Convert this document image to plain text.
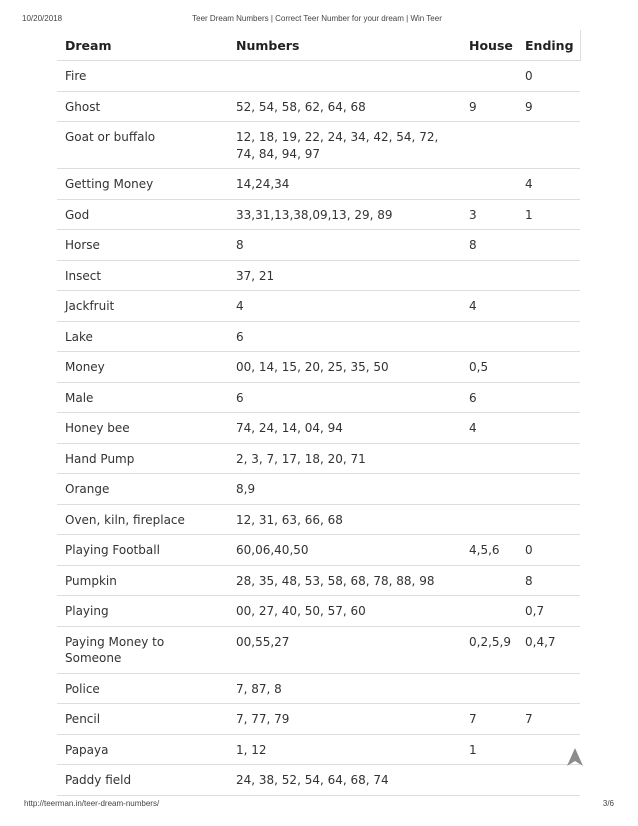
10/20/2018	Teer Dream Numbers | Correct Teer Number for your dream | Win Teer
Dream	Numbers	House	Ending
Fire			0
Ghost	52, 54, 58, 62, 64, 68	9	9
Goat or buffalo	12, 18, 19, 22, 24, 34, 42, 54, 72, 74, 84, 94, 97		
Getting Money	14,24,34		4
God	33,31,13,38,09,13, 29, 89	3	1
Horse	8	8	
Insect	37, 21		
Jackfruit	4	4	
Lake	6		
Money	00, 14, 15, 20, 25, 35, 50	0,5	
Male	6	6	
Honey bee	74, 24, 14, 04, 94	4	
Hand Pump	2, 3, 7, 17, 18, 20, 71		
Orange	8,9		
Oven, kiln, fireplace	12, 31, 63, 66, 68		
Playing Football	60,06,40,50	4,5,6	0
Pumpkin	28, 35, 48, 53, 58, 68, 78, 88, 98		8
Playing	00, 27, 40, 50, 57, 60		0,7
Paying Money to Someone	00,55,27	0,2,5,9	0,4,7
Police	7, 87, 8		
Pencil	7, 77, 79	7	7
Papaya	1, 12	1	
Paddy field	24, 38, 52, 54, 64, 68, 74		
http://teerman.in/teer-dream-numbers/	3/6
